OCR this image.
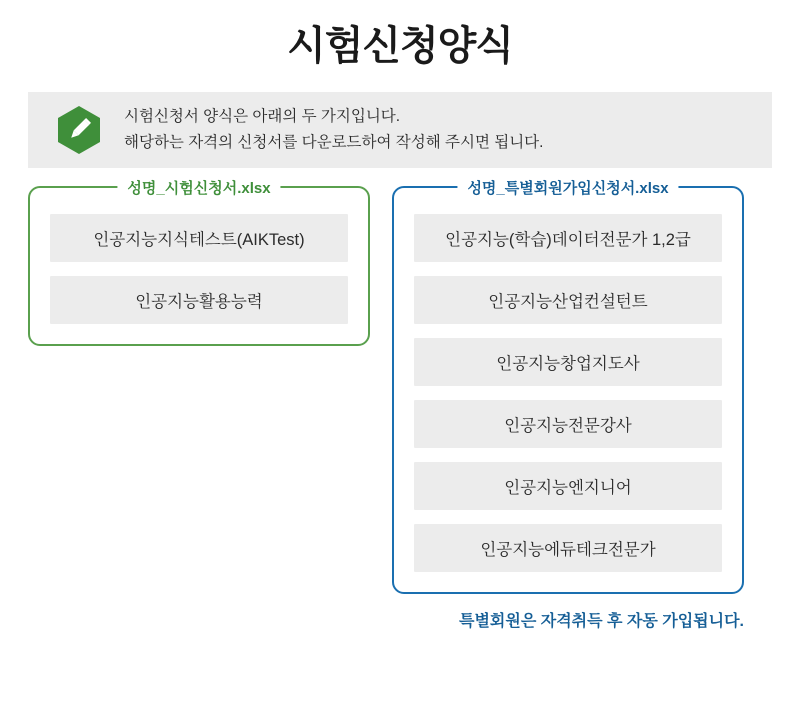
시험신청양식
시험신청서 양식은 아래의 두 가지입니다.
해당하는 자격의 신청서를 다운로드하여 작성해 주시면 됩니다.
성명_시험신청서.xlsx
인공지능지식테스트(AIKTest)
인공지능활용능력
성명_특별회원가입신청서.xlsx
인공지능(학습)데이터전문가 1,2급
인공지능산업컨설턴트
인공지능창업지도사
인공지능전문강사
인공지능엔지니어
인공지능에듀테크전문가
특별회원은 자격취득 후 자동 가입됩니다.
